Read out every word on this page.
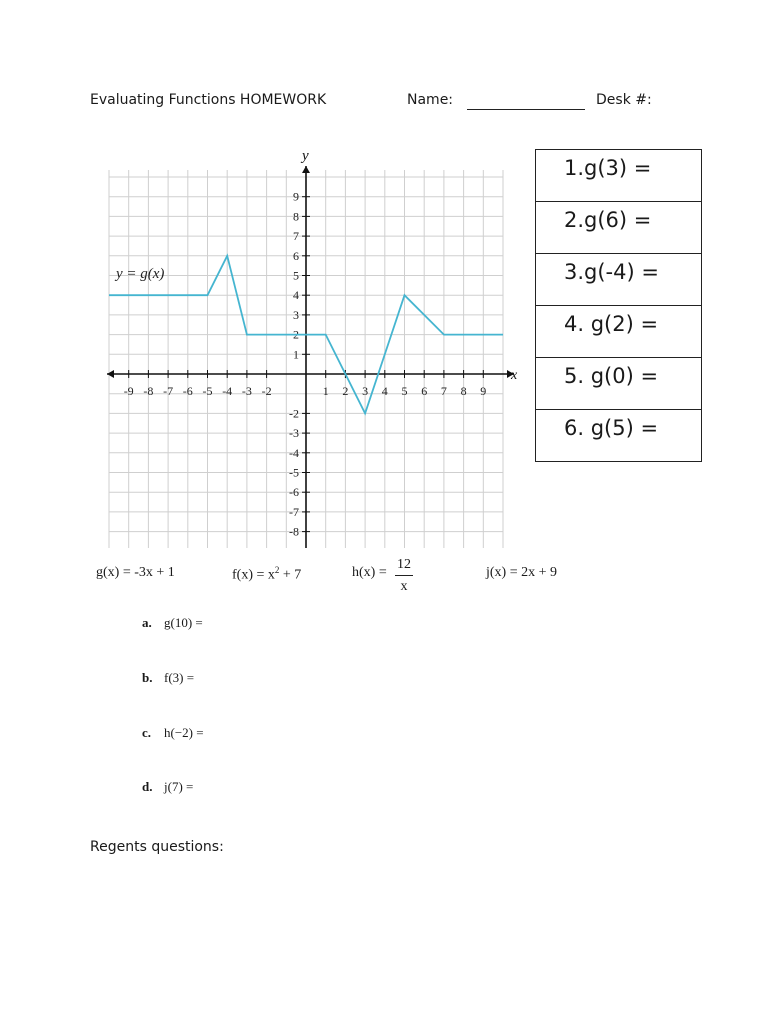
Evaluating Functions HOMEWORK	Name:	Desk #:
1.g(3) =
2.g(6) =
3.g(-4) =
4. g(2) =
5. g(0) =
6. g(5) =
-9 -8 -7 -6 -5 -4 -3 -2	1 2 3 4 5 6 7 8 9
9
8
7
6
5
4
3
2
1
-2
-3
-4
-5
-6
-7
-8
x
y
y = g(x)
g(x) = -3x + 1	$f(x) = x^2 + 7$	h(x) =
12
x
j(x) = 2x + 9
a. g(10) =
b. f(3) =
c. h(−2) =
d. j(7) =
Regents questions:
